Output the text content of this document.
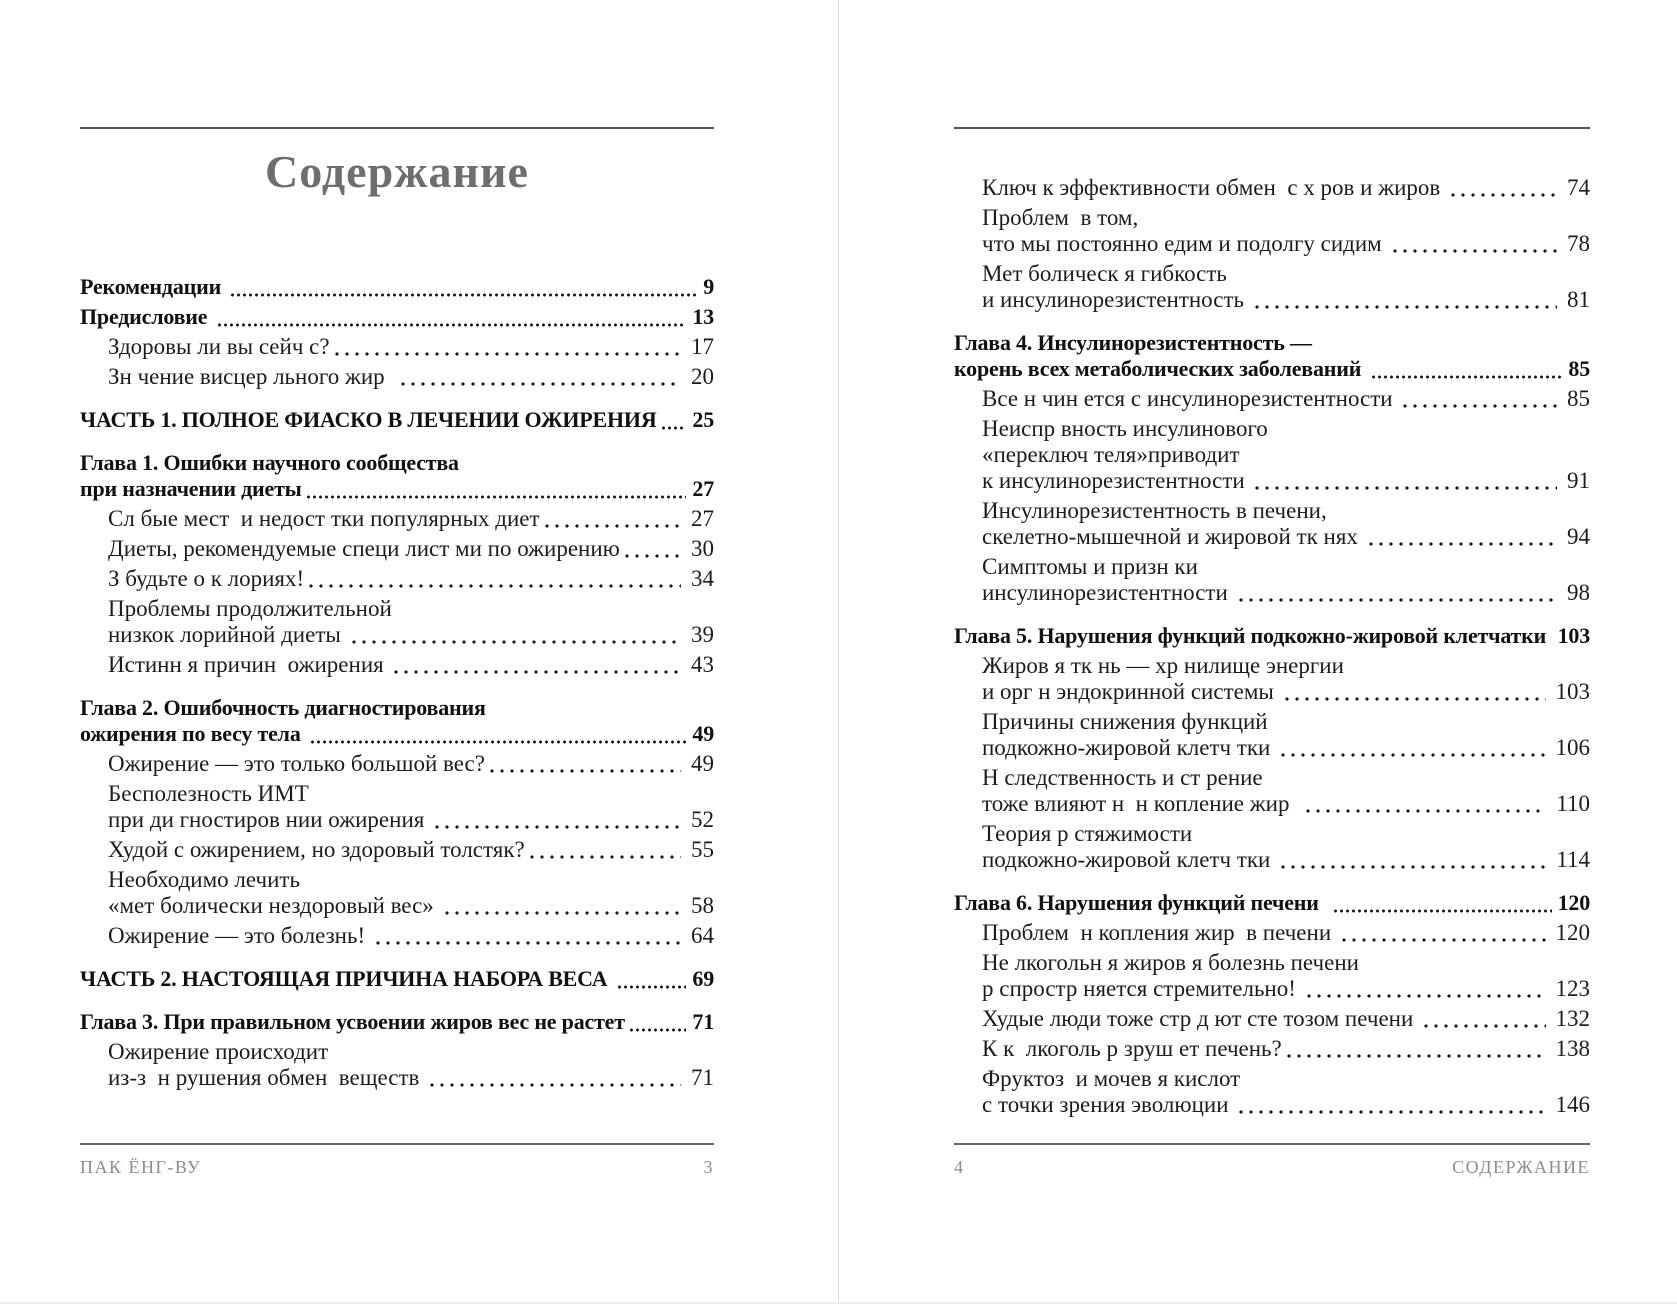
Содержание
Рекомендации	9
Предисловие	13
Здоровы ли вы сейч с?	17
Зн чение висцер льного жир	20
ЧАСТЬ 1. ПОЛНОЕ ФИАСКО В ЛЕЧЕНИИ ОЖИРЕНИЯ 25
Глава 1. Ошибки научного сообщества
при назначении диеты	27
Сл бые мест  и недост тки популярных диет	27
Диеты, рекомендуемые специ лист ми по ожирению	30
З будьте о к лориях!	34
Проблемы продолжительной
низкок лорийной диеты	39
Истинн я причин  ожирения	43
Глава 2. Ошибочность диагностирования
ожирения по весу тела	49
Ожирение — это только большой вес?	49
Бесполезность ИМТ
при ди гностиров нии ожирения	52
Худой с ожирением, но здоровый толстяк?	55
Необходимо лечить
«мет болически нездоровый вес»	58
Ожирение — это болезнь!	64
ЧАСТЬ 2. НАСТОЯЩАЯ ПРИЧИНА НАБОРА ВЕСА	69
Глава 3. При правильном усвоении жиров вес не растет	71
Ожирение происходит
из-з  н рушения обмен  веществ	71
ПАК ЁНГ-ВУ	3
Ключ к эффективности обмен  с х ров и жиров	74
Проблем  в том,
что мы постоянно едим и подолгу сидим	78
Мет болическ я гибкость
и инсулинорезистентность	81
Глава 4. Инсулинорезистентность —
корень всех метаболических заболеваний	85
Все н чин ется с инсулинорезистентности	85
Неиспр вность инсулинового
«переключ теля»приводит
к инсулинорезистентности	91
Инсулинорезистентность в печени,
скелетно-мышечной и жировой тк нях	94
Симптомы и призн ки
инсулинорезистентности	98
Глава 5. Нарушения функций подкожно-жировой клетчатки 103
Жиров я тк нь — хр нилище энергии
и орг н эндокринной системы	103
Причины снижения функций
подкожно-жировой клетч тки	106
Н следственность и ст рение
тоже влияют н  н копление жир	110
Теория р стяжимости
подкожно-жировой клетч тки	114
Глава 6. Нарушения функций печени	120
Проблем  н копления жир  в печени	120
Не лкогольн я жиров я болезнь печени
р спростр няется стремительно!	123
Худые люди тоже стр д ют сте тозом печени	132
К к  лкоголь р зруш ет печень?	138
Фруктоз  и мочев я кислот
с точки зрения эволюции	146
4	СОДЕРЖАНИЕ
